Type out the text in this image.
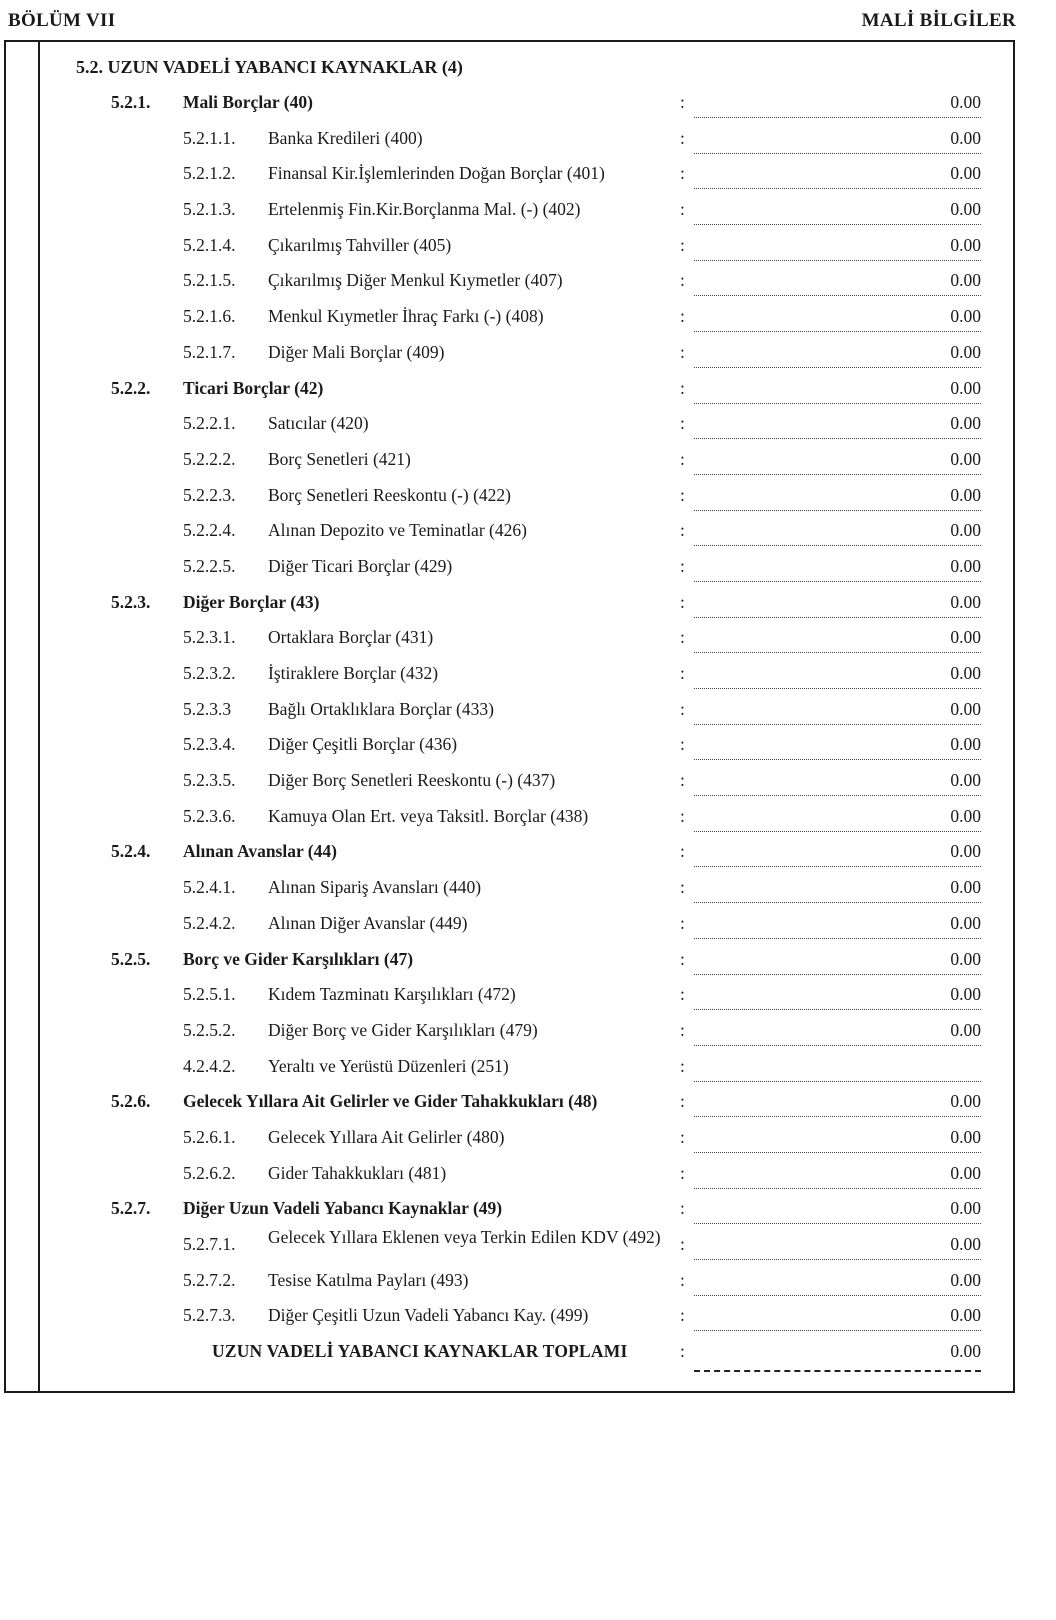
BÖLÜM VII	MALİ BİLGİLER
5.2. UZUN VADELİ YABANCI KAYNAKLAR (4)
5.2.1. Mali Borçlar (40)	:	0.00
5.2.1.1. Banka Kredileri (400)	:	0.00
5.2.1.2. Finansal Kir.İşlemlerinden Doğan Borçlar (401)	:	0.00
5.2.1.3. Ertelenmiş Fin.Kir.Borçlanma Mal. (-) (402)	:	0.00
5.2.1.4. Çıkarılmış Tahviller (405)	:	0.00
5.2.1.5. Çıkarılmış Diğer Menkul Kıymetler (407)	:	0.00
5.2.1.6. Menkul Kıymetler İhraç Farkı (-) (408)	:	0.00
5.2.1.7. Diğer Mali Borçlar (409)	:	0.00
5.2.2. Ticari Borçlar (42)	:	0.00
5.2.2.1. Satıcılar (420)	:	0.00
5.2.2.2. Borç Senetleri (421)	:	0.00
5.2.2.3. Borç Senetleri Reeskontu (-) (422)	:	0.00
5.2.2.4. Alınan Depozito ve Teminatlar (426)	:	0.00
5.2.2.5. Diğer Ticari Borçlar (429)	:	0.00
5.2.3. Diğer Borçlar (43)	:	0.00
5.2.3.1. Ortaklara Borçlar (431)	:	0.00
5.2.3.2. İştiraklere Borçlar (432)	:	0.00
5.2.3.3 Bağlı Ortaklıklara Borçlar (433)	:	0.00
5.2.3.4. Diğer Çeşitli Borçlar (436)	:	0.00
5.2.3.5. Diğer Borç Senetleri Reeskontu (-) (437)	:	0.00
5.2.3.6. Kamuya Olan Ert. veya Taksitl. Borçlar (438)	:	0.00
5.2.4. Alınan Avanslar (44)	:	0.00
5.2.4.1. Alınan Sipariş Avansları (440)	:	0.00
5.2.4.2. Alınan Diğer Avanslar (449)	:	0.00
5.2.5. Borç ve Gider Karşılıkları (47)	:	0.00
5.2.5.1. Kıdem Tazminatı Karşılıkları (472)	:	0.00
5.2.5.2. Diğer Borç ve Gider Karşılıkları (479)	:	0.00
4.2.4.2. Yeraltı ve Yerüstü Düzenleri (251)	:
5.2.6. Gelecek Yıllara Ait Gelirler ve Gider Tahakkukları (48)	:	0.00
5.2.6.1. Gelecek Yıllara Ait Gelirler (480)	:	0.00
5.2.6.2. Gider Tahakkukları (481)	:	0.00
5.2.7. Diğer Uzun Vadeli Yabancı Kaynaklar (49)	:	0.00
5.2.7.1. Gelecek Yıllara Eklenen veya Terkin Edilen KDV (492)	:	0.00
5.2.7.2. Tesise Katılma Payları (493)	:	0.00
5.2.7.3. Diğer Çeşitli Uzun Vadeli Yabancı Kay. (499)	:	0.00
UZUN VADELİ YABANCI KAYNAKLAR TOPLAMI	:	0.00
